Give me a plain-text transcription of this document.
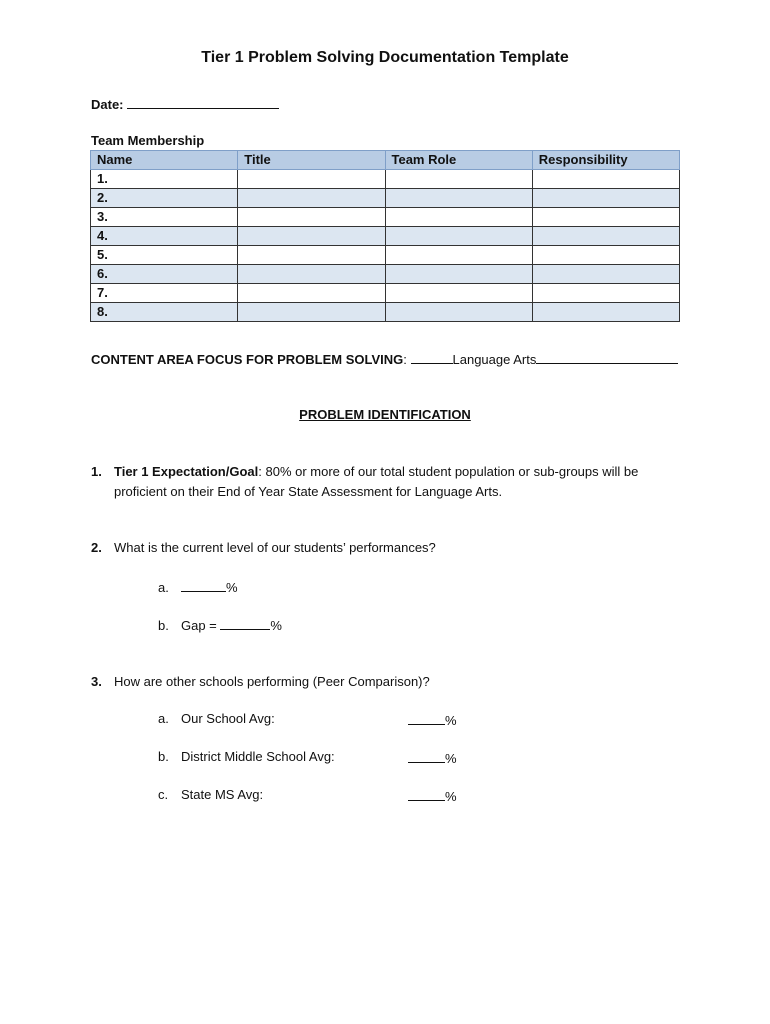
Tier 1 Problem Solving Documentation Template
Date:
Team Membership
Name	Title	Team Role	Responsibility
1.			
2.			
3.			
4.			
5.			
6.			
7.			
8.			
CONTENT AREA FOCUS FOR PROBLEM SOLVING:	Language Arts
PROBLEM IDENTIFICATION
1. Tier 1 Expectation/Goal: 80% or more of our total student population or sub-groups will be
proficient on their End of Year State Assessment for Language Arts.
2. What is the current level of our students’ performances?
a.	%
b. Gap =	%
3. How are other schools performing (Peer Comparison)?
a. Our School Avg:	%
b. District Middle School Avg:	%
c. State MS Avg:	%
